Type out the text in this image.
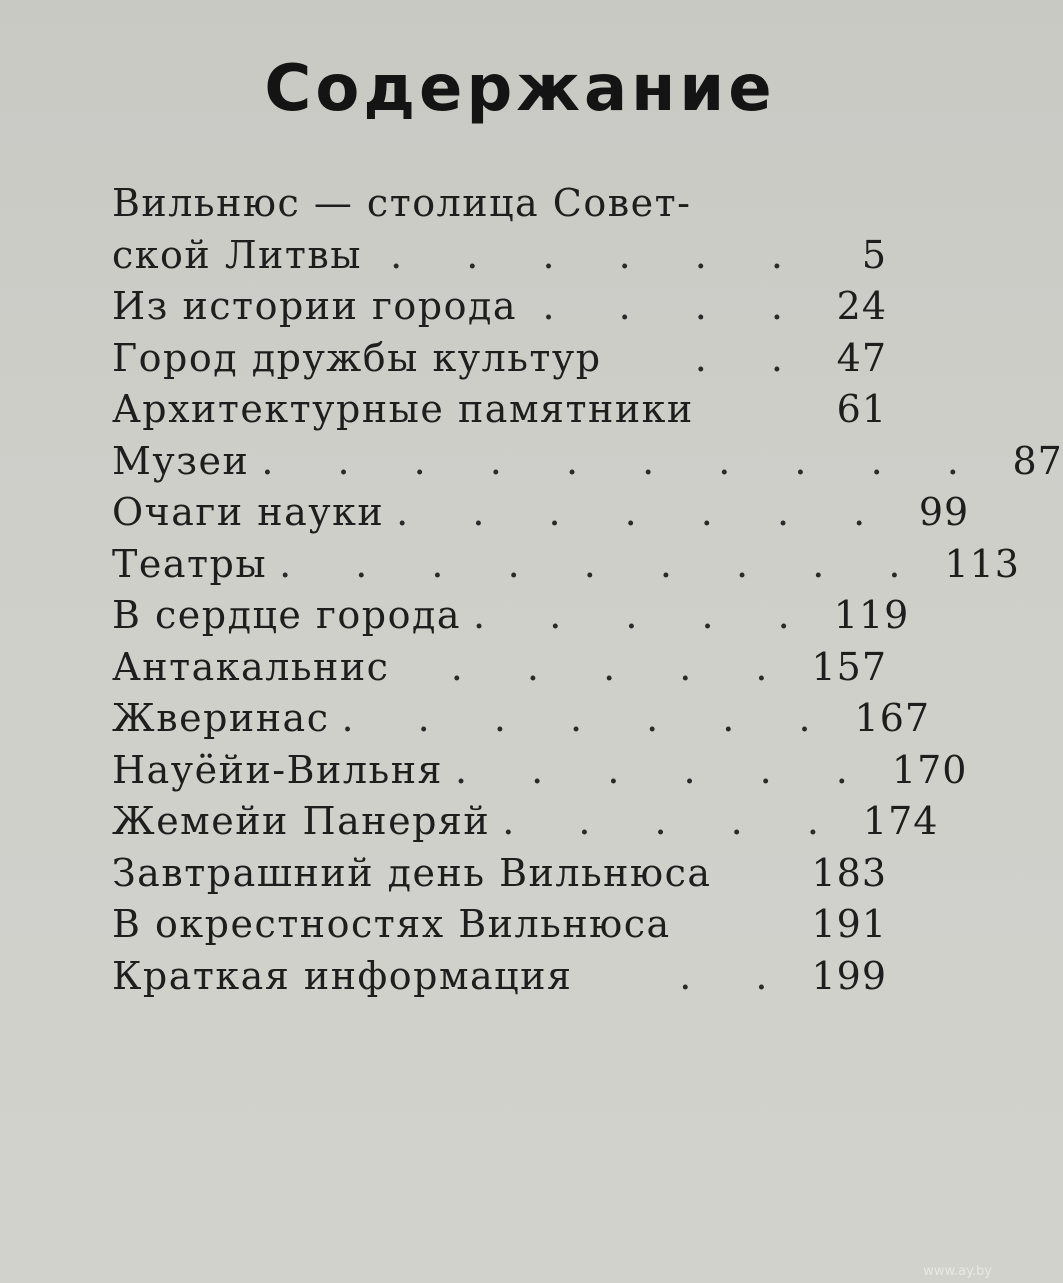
Содержание
Вильнюс — столица Совет-
ской Литвы . . . . . .	5
Из истории города . . . . 24
Город дружбы культур	. . 47
Архитектурные памятники	61
Музеи . . . . . . . . . . 87
Очаги науки . . . . . . . 99
Театры . . . . . . . . . 113
В сердце города . . . . . 119
Антакальнис	. . . . . 157
Жверинас . . . . . . . 167
Науёйи-Вильня . . . . . . 170
Жемейи Панеряй . . . . . 174
Завтрашний день Вильнюса	183
В окрестностях Вильнюса	191
Краткая информация	. . 199
www.ay.by
